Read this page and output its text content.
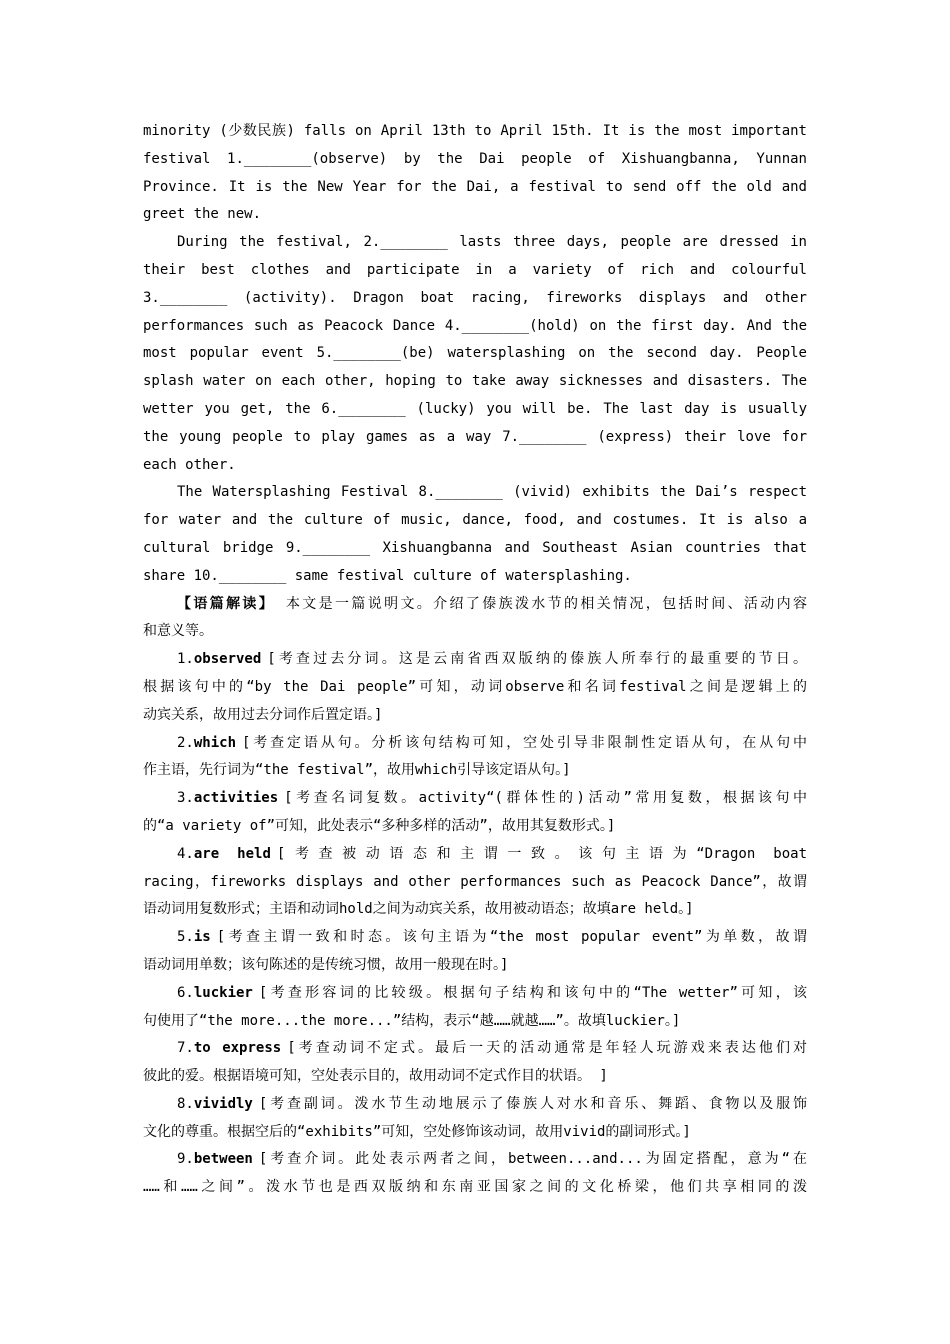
minority (少数民族) falls on April 13th to April 15th. It is the most important
festival 1.________(observe) by the Dai people of Xishuangbanna, Yunnan
Province. It is the New Year for the Dai, a festival to send off the old and
greet the new.
During the festival, 2.________ lasts three days, people are dressed in
their best clothes and participate in a variety of rich and colourful
3.________ (activity). Dragon boat racing, fireworks displays and other
performances such as Peacock Dance 4.________(hold) on the first day. And the
most popular event 5.________(be) watersplashing on the second day. People
splash water on each other, hoping to take away sicknesses and disasters. The
wetter you get, the 6.________ (lucky) you will be. The last day is usually
the young people to play games as a way 7.________ (express) their love for
each other.
The Watersplashing Festival 8.________ (vivid) exhibits the Dai’s respect
for water and the culture of music, dance, food, and costumes. It is also a
cultural bridge 9.________ Xishuangbanna and Southeast Asian countries that
share 10.________ same festival culture of watersplashing.
【语篇解读】 本文是一篇说明文。介绍了傣族泼水节的相关情况，包括时间、活动内容
和意义等。
1.observed [考查过去分词。这是云南省西双版纳的傣族人所奉行的最重要的节日。
根据该句中的“by the Dai people”可知，动词observe和名词festival之间是逻辑上的
动宾关系，故用过去分词作后置定语。]
2.which [考查定语从句。分析该句结构可知，空处引导非限制性定语从句，在从句中
作主语，先行词为“the festival”，故用which引导该定语从句。]
3.activities [考查名词复数。activity“(群体性的)活动”常用复数，根据该句中
的“a variety of”可知，此处表示“多种多样的活动”，故用其复数形式。]
4.are held [考查被动语态和主谓一致。该句主语为“Dragon boat
racing，fireworks displays and other performances such as Peacock Dance”，故谓
语动词用复数形式；主语和动词hold之间为动宾关系，故用被动语态；故填are held。]
5.is [考查主谓一致和时态。该句主语为“the most popular event”为单数，故谓
语动词用单数；该句陈述的是传统习惯，故用一般现在时。]
6.luckier [考查形容词的比较级。根据句子结构和该句中的“The wetter”可知，该
句使用了“the more...the more...”结构，表示“越……就越……”。故填luckier。]
7.to express [考查动词不定式。最后一天的活动通常是年轻人玩游戏来表达他们对
彼此的爱。根据语境可知，空处表示目的，故用动词不定式作目的状语。 ]
8.vividly [考查副词。泼水节生动地展示了傣族人对水和音乐、舞蹈、食物以及服饰
文化的尊重。根据空后的“exhibits”可知，空处修饰该动词，故用vivid的副词形式。]
9.between [考查介词。此处表示两者之间，between...and...为固定搭配，意为“在
……和……之间”。泼水节也是西双版纳和东南亚国家之间的文化桥梁，他们共享相同的泼
